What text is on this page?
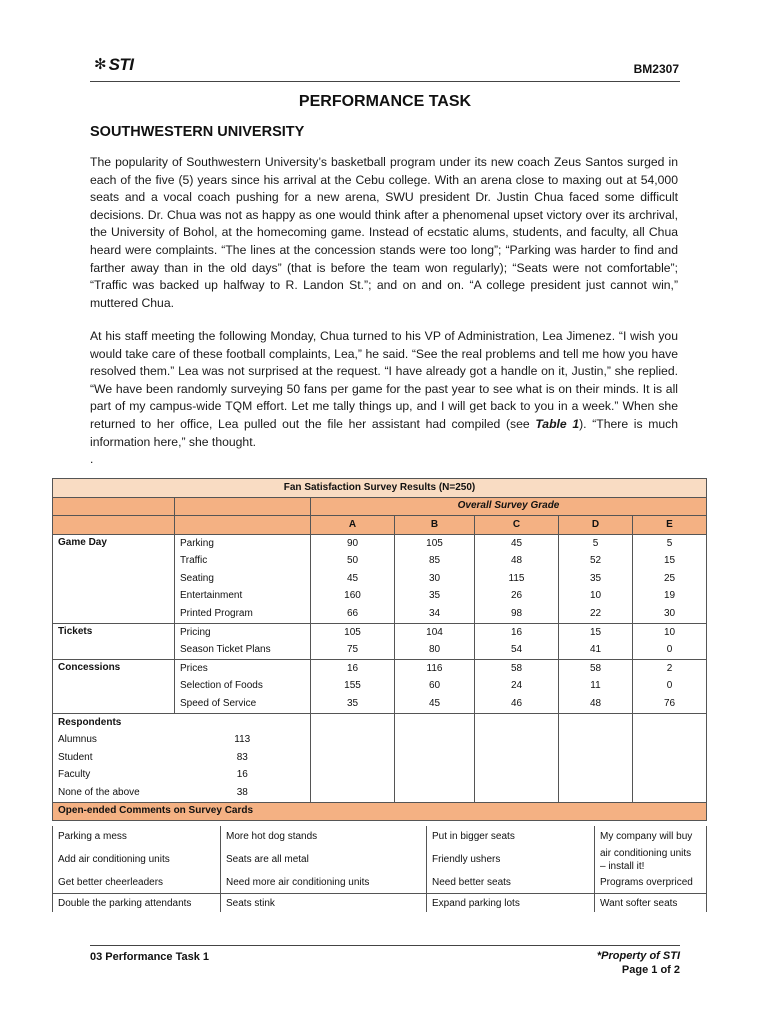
✻ STI	BM2307
PERFORMANCE TASK
SOUTHWESTERN UNIVERSITY

The popularity of Southwestern University’s basketball program under its new coach Zeus Santos surged in each of the five (5) years since his arrival at the Cebu college. With an arena close to maxing out at 54,000 seats and a vocal coach pushing for a new arena, SWU president Dr. Justin Chua faced some difficult decisions. Dr. Chua was not as happy as one would think after a phenomenal upset victory over its archrival, the University of Bohol, at the homecoming game. Instead of ecstatic alums, students, and faculty, all Chua heard were complaints. “The lines at the concession stands were too long”; “Parking was harder to find and farther away than in the old days” (that is before the team won regularly); “Seats were not comfortable”; “Traffic was backed up halfway to R. Landon St.”; and on and on. “A college president just cannot win,” muttered Chua.

At his staff meeting the following Monday, Chua turned to his VP of Administration, Lea Jimenez. “I wish you would take care of these football complaints, Lea,” he said. “See the real problems and tell me how you have resolved them.” Lea was not surprised at the request. “I have already got a handle on it, Justin,” she replied. “We have been randomly surveying 50 fans per game for the past year to see what is on their minds. It is all part of my campus-wide TQM effort. Let me tally things up, and I will get back to you in a week.” When she returned to her office, Lea pulled out the file her assistant had compiled (see Table 1). “There is much information here,” she thought.

.
Fan Satisfaction Survey Results (N=250)						
		Overall Survey Grade				
		A	B	C	D	E
Game Day	Parking	90	105	45	5	5
	Traffic	50	85	48	52	15
	Seating	45	30	115	35	25
	Entertainment	160	35	26	10	19
	Printed Program	66	34	98	22	30
Tickets	Pricing	105	104	16	15	10
	Season Ticket Plans	75	80	54	41	0
Concessions	Prices	16	116	58	58	2
	Selection of Foods	155	60	24	11	0
	Speed of Service	35	45	46	48	76
Respondents						
Alumnus	113					
Student	83					
Faculty	16					
None of the above	38					
Open-ended Comments on Survey Cards						
Parking a mess	More hot dog stands	Put in bigger seats	My company will buy
Add air conditioning units	Seats are all metal	Friendly ushers	air conditioning units
– install it!

Get better cheerleaders	Need more air conditioning units	Need better seats	Programs overpriced
Double the parking attendants	Seats stink	Expand parking lots	Want softer seats
03 Performance Task 1	*Property of STI
Page 1 of 2
